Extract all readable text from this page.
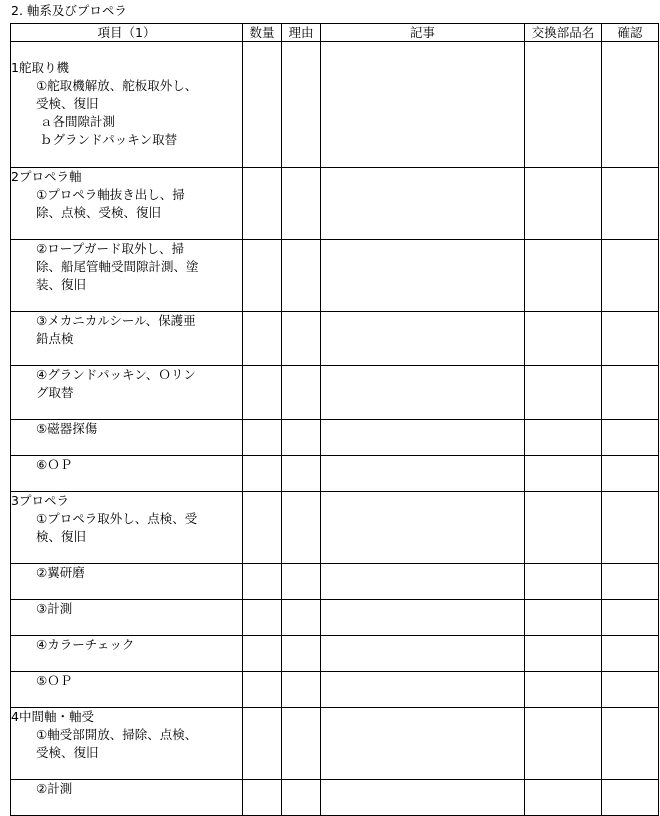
2. 軸系及びプロペラ
項目（1）	数量	理由	記事	交換部品名	確認

1舵取り機
①舵取機解放、舵板取外し、
受検、復旧
ａ各間隙計測
ｂグランドパッキン取替					

2プロペラ軸
①プロペラ軸抜き出し、掃
除、点検、受検、復旧					

②ロープガード取外し、掃
除、船尾管軸受間隙計測、塗
装、復旧					

③メカニカルシール、保護亜
鉛点検					

④グランドパッキン、Ｏリン
グ取替					

⑤磁器探傷					

⑥ＯＰ					

3プロペラ
①プロペラ取外し、点検、受
検、復旧					

②翼研磨					

③計測					

④カラーチェック					

⑤ＯＰ					

4中間軸・軸受
①軸受部開放、掃除、点検、
受検、復旧					

②計測					
